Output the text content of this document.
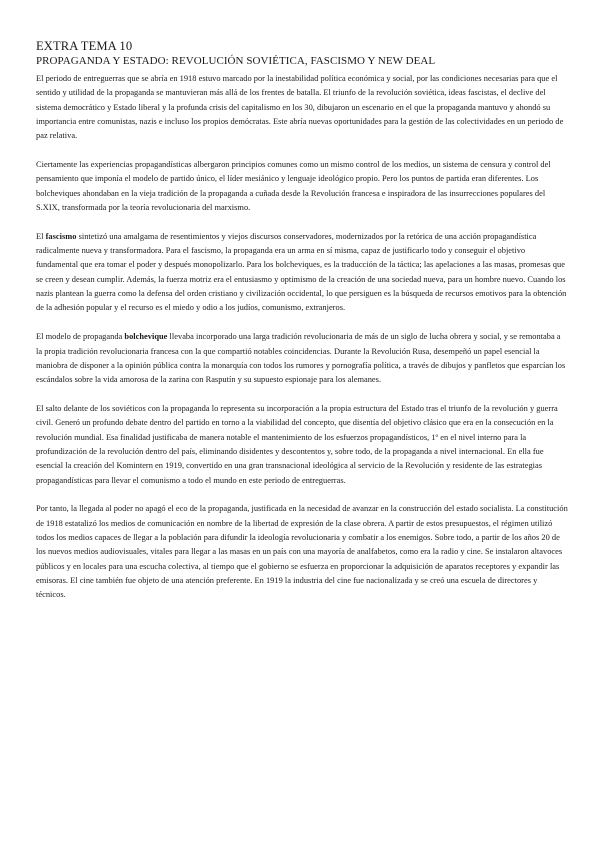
EXTRA TEMA 10
PROPAGANDA Y ESTADO: REVOLUCIÓN SOVIÉTICA, FASCISMO Y NEW DEAL

El periodo de entreguerras que se abría en 1918 estuvo marcado por la inestabilidad política económica y social, por las condiciones necesarias para que el sentido y utilidad de la propaganda se mantuvieran más allá de los frentes de batalla. El triunfo de la revolución soviética, ideas fascistas, el declive del sistema democrático y Estado liberal y la profunda crisis del capitalismo en los 30, dibujaron un escenario en el que la propaganda mantuvo y ahondó su importancia entre comunistas, nazis e incluso los propios demócratas. Este abría nuevas oportunidades para la gestión de las colectividades en un periodo de paz relativa.

Ciertamente las experiencias propagandísticas albergaron principios comunes como un mismo control de los medios, un sistema de censura y control del pensamiento que imponía el modelo de partido único, el líder mesiánico y lenguaje ideológico propio. Pero los puntos de partida eran diferentes. Los bolcheviques ahondaban en la vieja tradición de la propaganda a cuñada desde la Revolución francesa e inspiradora de las insurrecciones populares del S.XIX, transformada por la teoría revolucionaria del marxismo.

El fascismo sintetizó una amalgama de resentimientos y viejos discursos conservadores, modernizados por la retórica de una acción propagandística radicalmente nueva y transformadora. Para el fascismo, la propaganda era un arma en sí misma, capaz de justificarlo todo y conseguir el objetivo fundamental que era tomar el poder y después monopolizarlo. Para los bolcheviques, es la traducción de la táctica; las apelaciones a las masas, promesas que se creen y desean cumplir. Además, la fuerza motriz era el entusiasmo y optimismo de la creación de una sociedad nueva, para un hombre nuevo. Cuando los nazis plantean la guerra como la defensa del orden cristiano y civilización occidental, lo que persiguen es la búsqueda de recursos emotivos para la obtención de la adhesión popular y el recurso es el miedo y odio a los judíos, comunismo, extranjeros.

El modelo de propaganda bolchevique llevaba incorporado una larga tradición revolucionaria de más de un siglo de lucha obrera y social, y se remontaba a la propia tradición revolucionaria francesa con la que compartió notables coincidencias. Durante la Revolución Rusa, desempeñó un papel esencial la maniobra de disponer a la opinión pública contra la monarquía con todos los rumores y pornografía política, a través de dibujos y panfletos que esparcían los escándalos sobre la vida amorosa de la zarina con Rasputín y su supuesto espionaje para los alemanes.

El salto delante de los soviéticos con la propaganda lo representa su incorporación a la propia estructura del Estado tras el triunfo de la revolución y guerra civil. Generó un profundo debate dentro del partido en torno a la viabilidad del concepto, que disentía del objetivo clásico que era en la consecución en la revolución mundial. Esa finalidad justificaba de manera notable el mantenimiento de los esfuerzos propagandísticos, 1º en el nivel interno para la profundización de la revolución dentro del país, eliminando disidentes y descontentos y, sobre todo, de la propaganda a nivel internacional. En ella fue esencial la creación del Komintern en 1919, convertido en una gran transnacional ideológica al servicio de la Revolución y residente de las estrategias propagandísticas para llevar el comunismo a todo el mundo en este periodo de entreguerras.

Por tanto, la llegada al poder no apagó el eco de la propaganda, justificada en la necesidad de avanzar en la construcción del estado socialista. La constitución de 1918 estatalizó los medios de comunicación en nombre de la libertad de expresión de la clase obrera. A partir de estos presupuestos, el régimen utilizó todos los medios capaces de llegar a la población para difundir la ideología revolucionaria y combatir a los enemigos. Sobre todo, a partir de los años 20 de los nuevos medios audiovisuales, vitales para llegar a las masas en un país con una mayoría de analfabetos, como era la radio y cine. Se instalaron altavoces públicos y en locales para una escucha colectiva, al tiempo que el gobierno se esfuerza en proporcionar la adquisición de aparatos receptores y expandir las emisoras. El cine también fue objeto de una atención preferente. En 1919 la industria del cine fue nacionalizada y se creó una escuela de directores y técnicos.
